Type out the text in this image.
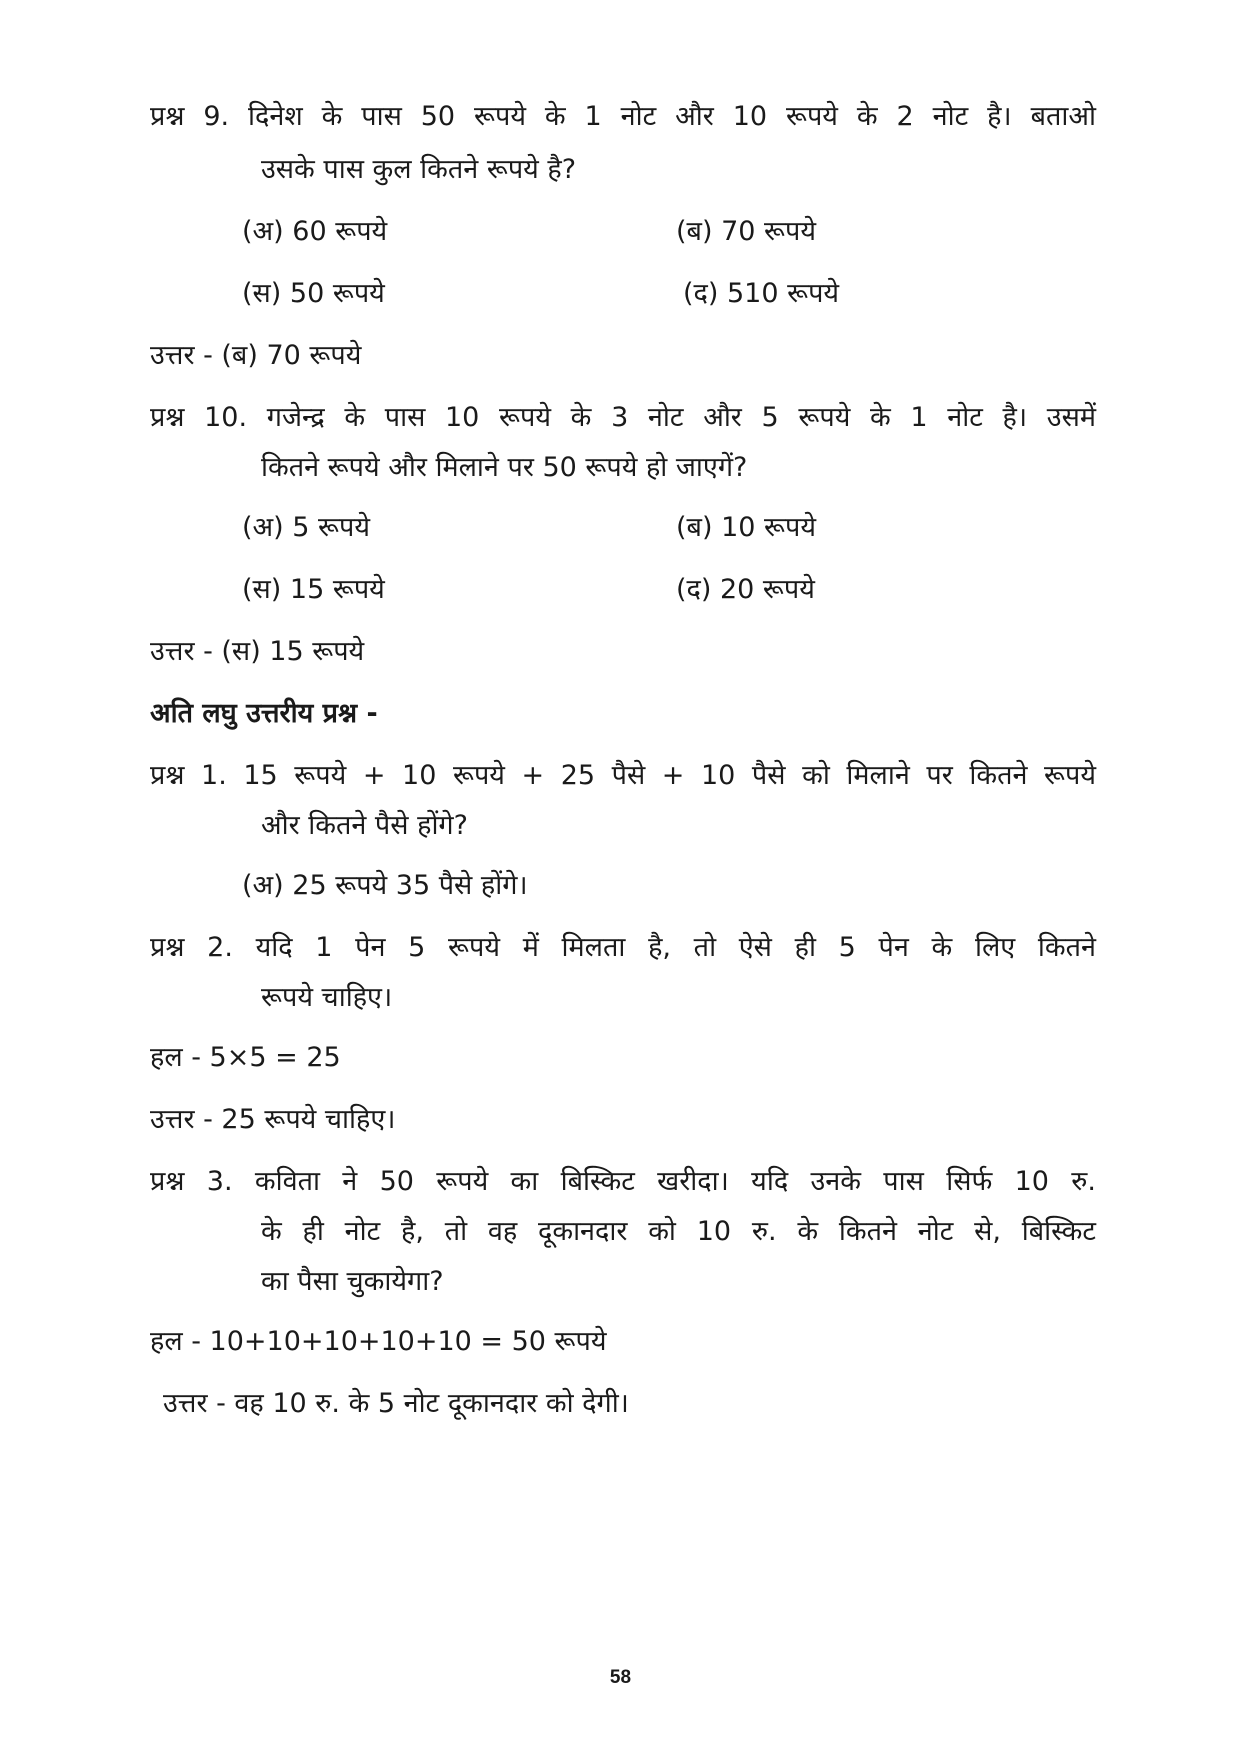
प्रश्न 9. दिनेश के पास 50 रूपये के 1 नोट और 10 रूपये के 2 नोट है। बताओ
उसके पास कुल कितने रूपये है?
(अ) 60 रूपये	(ब) 70 रूपये
(स) 50 रूपये	(द) 510 रूपये
उत्तर - (ब) 70 रूपये
प्रश्न 10. गजेन्द्र के पास 10 रूपये के 3 नोट और 5 रूपये के 1 नोट है। उसमें
कितने रूपये और मिलाने पर 50 रूपये हो जाएगें?
(अ) 5 रूपये	(ब) 10 रूपये
(स) 15 रूपये	(द) 20 रूपये
उत्तर - (स) 15 रूपये
अति लघु उत्तरीय प्रश्न -
प्रश्न 1. 15 रूपये + 10 रूपये + 25 पैसे + 10 पैसे को मिलाने पर कितने रूपये
और कितने पैसे होंगे?
(अ) 25 रूपये 35 पैसे होंगे।
प्रश्न 2. यदि 1 पेन 5 रूपये में मिलता है, तो ऐसे ही 5 पेन के लिए कितने
रूपये चाहिए।
हल - 5×5 = 25
उत्तर - 25 रूपये चाहिए।
प्रश्न 3. कविता ने 50 रूपये का बिस्किट खरीदा। यदि उनके पास सिर्फ 10 रु.
के ही नोट है, तो वह दूकानदार को 10 रु. के कितने नोट से, बिस्किट
का पैसा चुकायेगा?
हल - 10+10+10+10+10 = 50 रूपये
उत्तर - वह 10 रु. के 5 नोट दूकानदार को देगी।
58
